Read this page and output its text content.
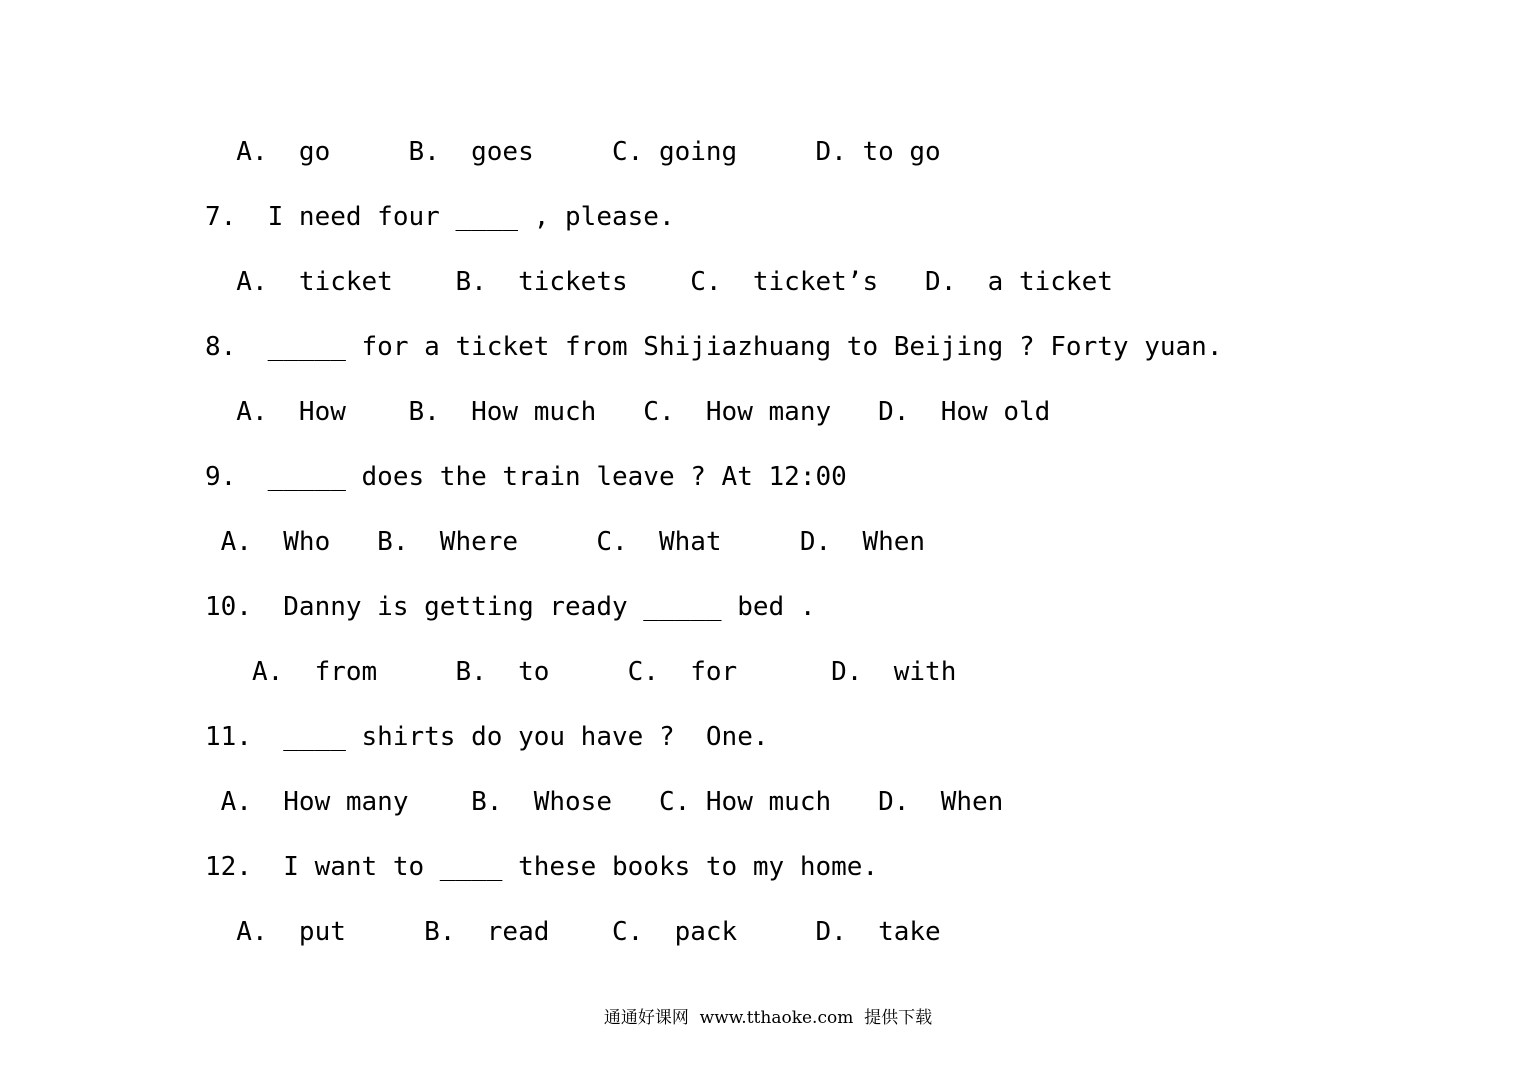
A.  go     B.  goes     C. going     D. to go
7.  I need four ____ , please.
A.  ticket    B.  tickets    C.  ticket’s   D.  a ticket
8.  _____ for a ticket from Shijiazhuang to Beijing ? Forty yuan.
A.  How    B.  How much   C.  How many   D.  How old
9.  _____ does the train leave ? At 12:00
A.  Who   B.  Where     C.  What     D.  When
10.  Danny is getting ready _____ bed .
A.  from     B.  to     C.  for      D.  with
11.  ____ shirts do you have ?  One.
A.  How many    B.  Whose   C. How much   D.  When
12.  I want to ____ these books to my home.
A.  put     B.  read    C.  pack     D.  take
通通好课网  www.tthaoke.com  提供下载
